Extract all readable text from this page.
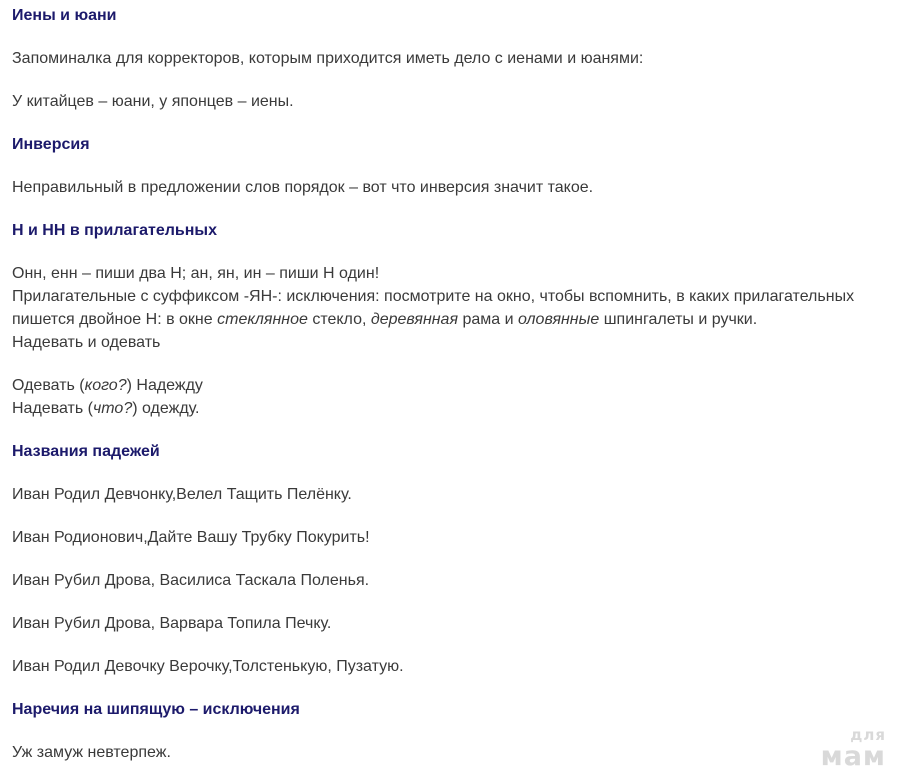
Иены и юани
Запоминалка для корректоров, которым приходится иметь дело с иенами и юанями:
У китайцев – юани, у японцев – иены.
Инверсия
Неправильный в предложении слов порядок – вот что инверсия значит такое.
Н и НН в прилагательных
Онн, енн – пиши два Н; ан, ян, ин – пиши Н один!
Прилагательные с суффиксом -ЯН-: исключения: посмотрите на окно, чтобы вспомнить, в каких прилагательных пишется двойное Н: в окне стеклянное стекло, деревянная рама и оловянные шпингалеты и ручки.
Надевать и одевать
Одевать (кого?) Надежду
Надевать (что?) одежду.
Названия падежей
Иван Родил Девчонку,Велел Тащить Пелёнку.
Иван Родионович,Дайте Вашу Трубку Покурить!
Иван Рубил Дрова, Василиса Таскала Поленья.
Иван Рубил Дрова, Варвара Топила Печку.
Иван Родил Девочку Верочку,Толстенькую, Пузатую.
Наречия на шипящую – исключения
Уж замуж невтерпеж.
для
мам
